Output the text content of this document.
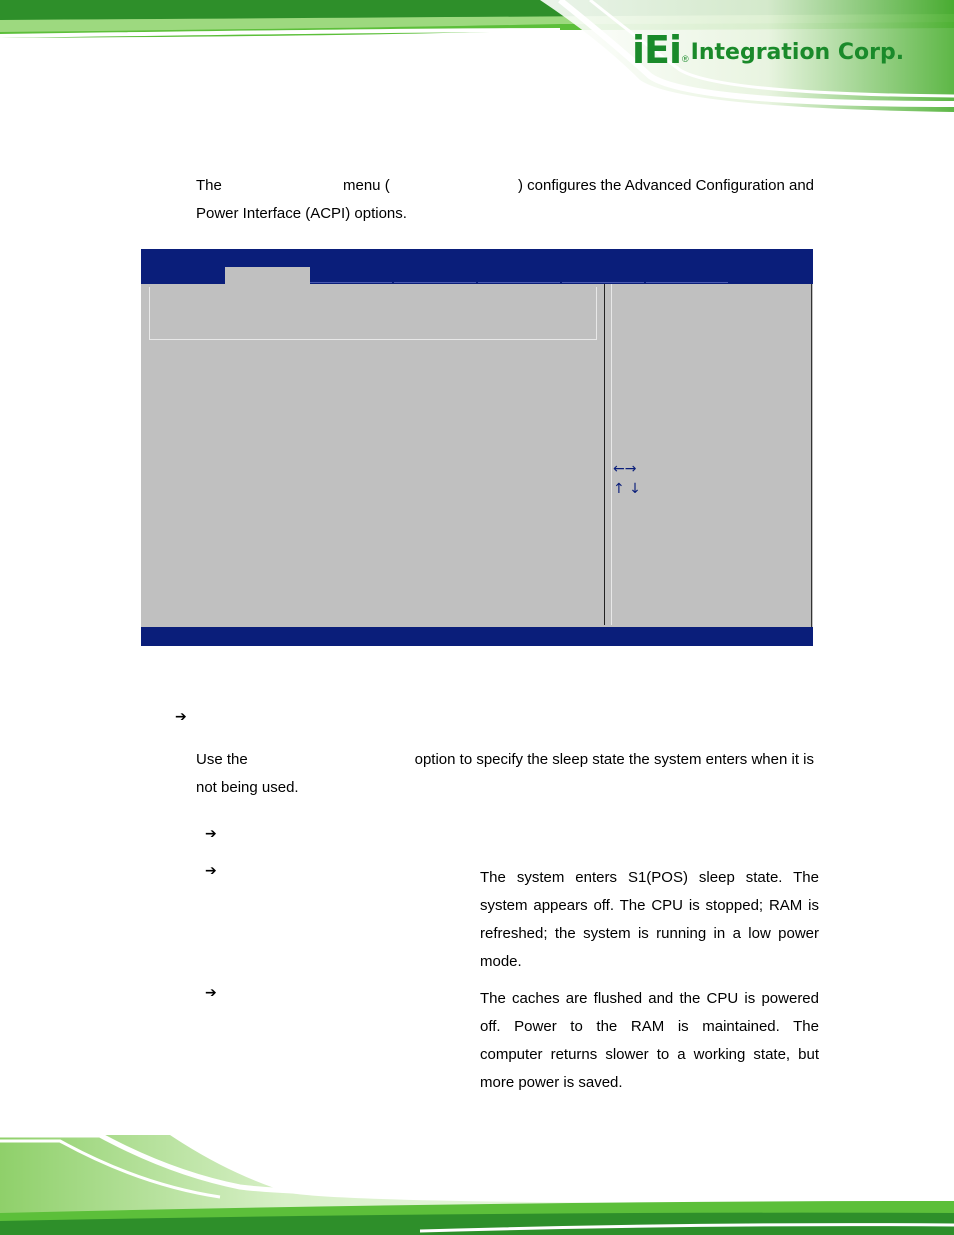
iEi ® Integration Corp.
The	menu (	) configures the Advanced Configuration and
Power Interface (ACPI) options.
←→
↑ ↓
➔
Use the	option to specify the sleep state the system enters when it is
not being used.
➔
➔
➔
The system enters S1(POS) sleep state. The
system appears off. The CPU is stopped; RAM is
refreshed; the system is running in a low power
mode.
The caches are flushed and the CPU is powered
off. Power to the RAM is maintained. The
computer returns slower to a working state, but
more power is saved.
